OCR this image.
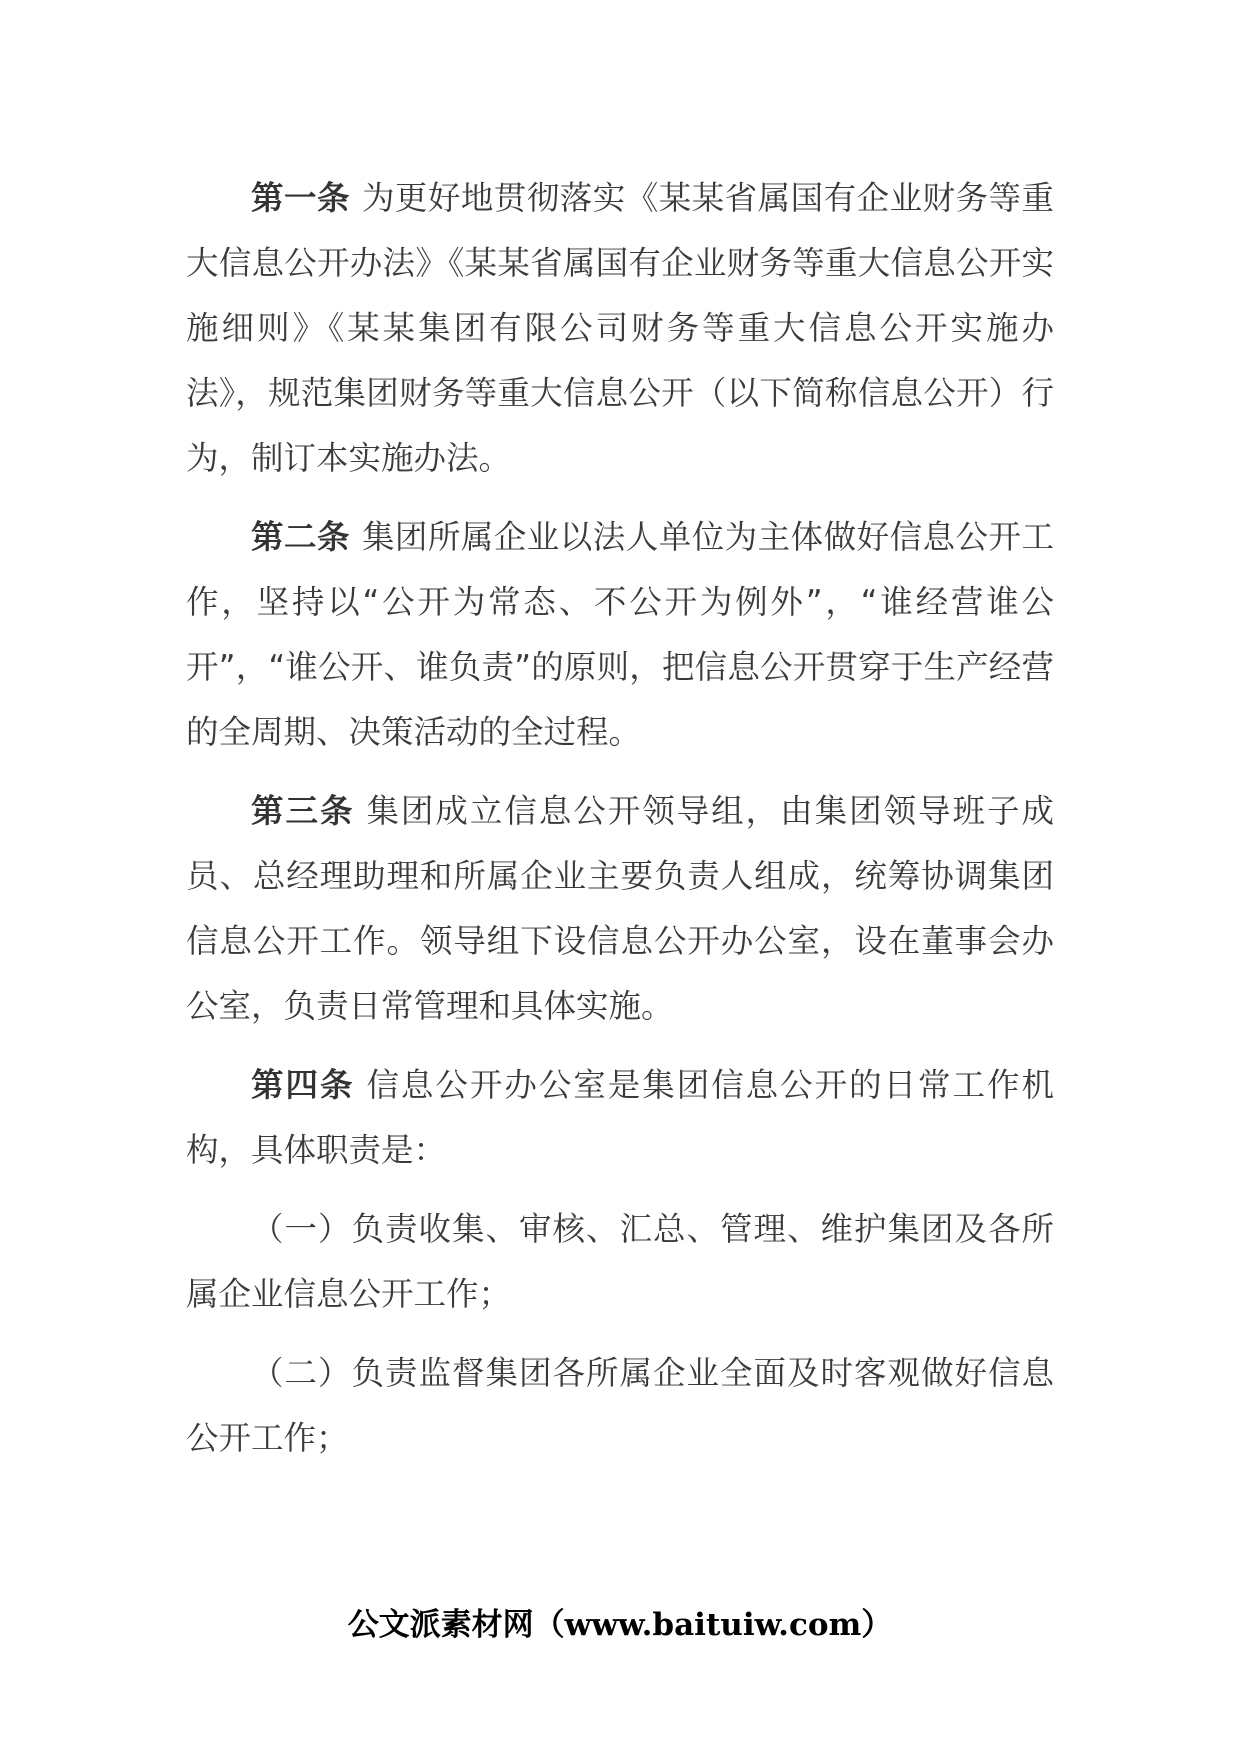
第一条 为更好地贯彻落实《某某省属国有企业财务等重大信息公开办法》《某某省属国有企业财务等重大信息公开实施细则》《某某集团有限公司财务等重大信息公开实施办法》，规范集团财务等重大信息公开（以下简称信息公开）行为，制订本实施办法。

第二条 集团所属企业以法人单位为主体做好信息公开工作，坚持以“公开为常态、不公开为例外”，“谁经营谁公开”，“谁公开、谁负责”的原则，把信息公开贯穿于生产经营的全周期、决策活动的全过程。

第三条 集团成立信息公开领导组，由集团领导班子成员、总经理助理和所属企业主要负责人组成，统筹协调集团信息公开工作。领导组下设信息公开办公室，设在董事会办公室，负责日常管理和具体实施。

第四条 信息公开办公室是集团信息公开的日常工作机构，具体职责是：

（一）负责收集、审核、汇总、管理、维护集团及各所属企业信息公开工作；

（二）负责监督集团各所属企业全面及时客观做好信息公开工作；

公文派素材网（www.baituiw.com）
